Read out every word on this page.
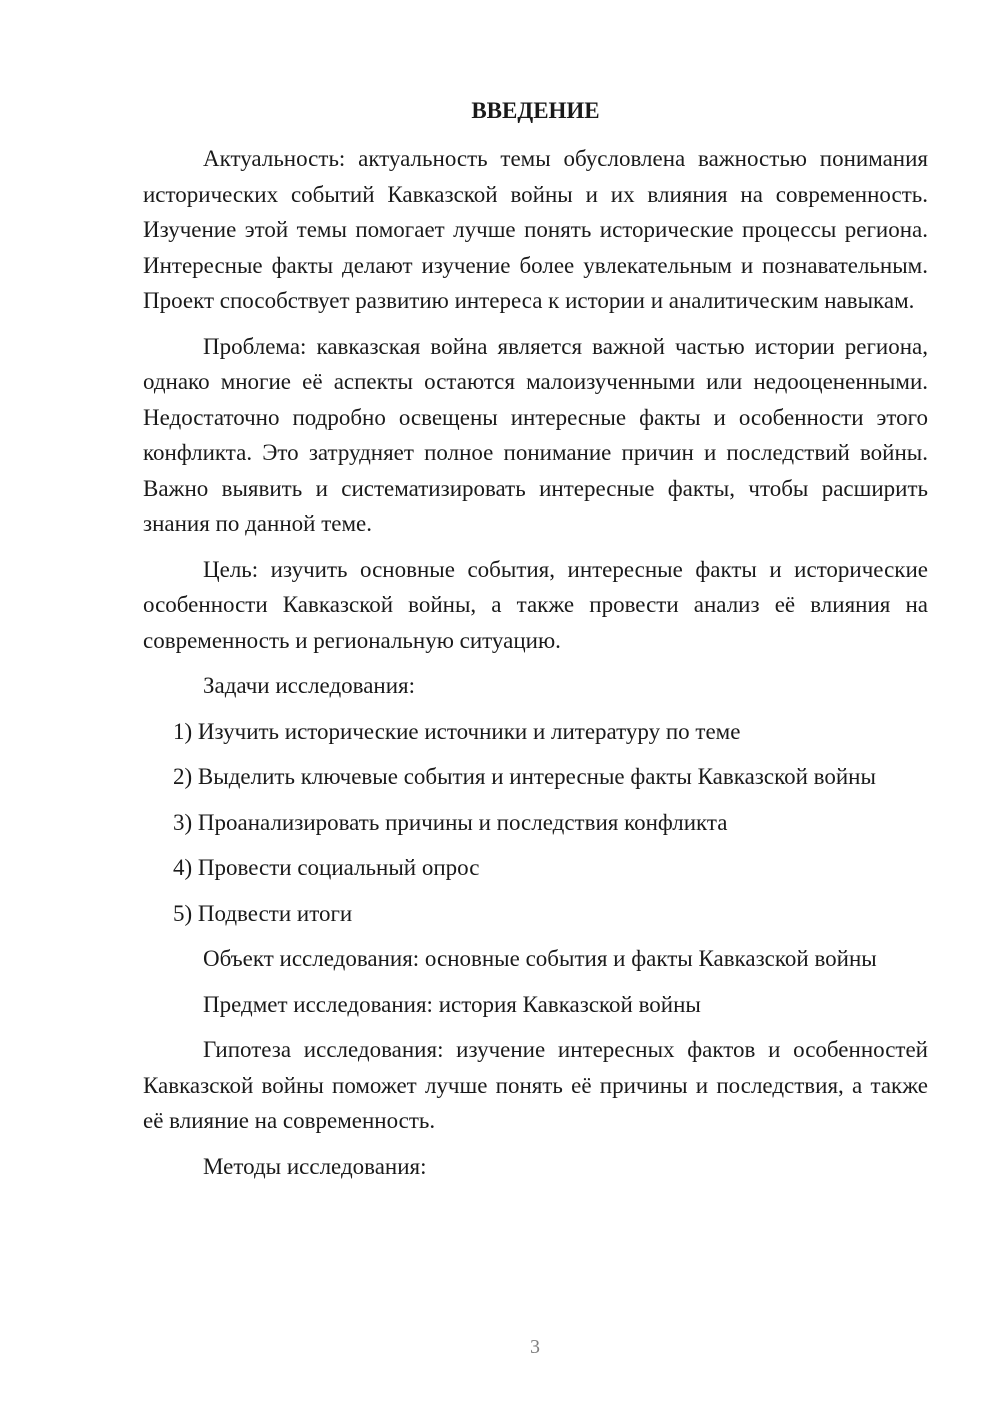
ВВЕДЕНИЕ

Актуальность: актуальность темы обусловлена важностью понимания исторических событий Кавказской войны и их влияния на современность. Изучение этой темы помогает лучше понять исторические процессы региона. Интересные факты делают изучение более увлекательным и познавательным. Проект способствует развитию интереса к истории и аналитическим навыкам.

Проблема: кавказская война является важной частью истории региона, однако многие её аспекты остаются малоизученными или недооцененными. Недостаточно подробно освещены интересные факты и особенности этого конфликта. Это затрудняет полное понимание причин и последствий войны. Важно выявить и систематизировать интересные факты, чтобы расширить знания по данной теме.

Цель: изучить основные события, интересные факты и исторические особенности Кавказской войны, а также провести анализ её влияния на современность и региональную ситуацию.

Задачи исследования:

1) Изучить исторические источники и литературу по теме

2) Выделить ключевые события и интересные факты Кавказской войны

3) Проанализировать причины и последствия конфликта

4) Провести социальный опрос

5) Подвести итоги

Объект исследования: основные события и факты Кавказской войны

Предмет исследования: история Кавказской войны

Гипотеза исследования: изучение интересных фактов и особенностей Кавказской войны поможет лучше понять её причины и последствия, а также её влияние на современность.

Методы исследования:

3
